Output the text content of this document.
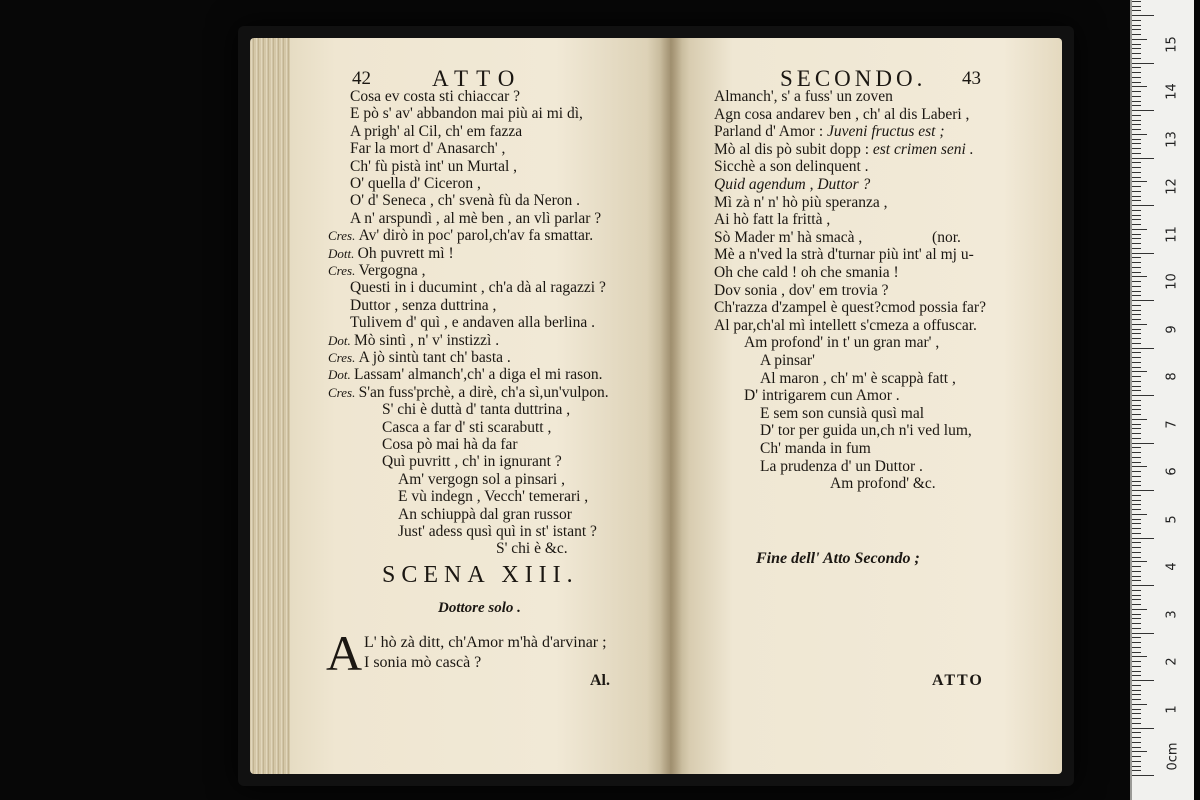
42	ATTO
Cosa ev costa sti chiaccar ?
E pò s' av' abbandon mai più ai mi dì,
A prigh' al Cil, ch' em fazza
Far la mort d' Anasarch' ,
Ch' fù pistà int' un Murtal ,
O' quella d' Ciceron ,
O' d' Seneca , ch' svenà fù da Neron .
A n' arspundì , al mè ben , an vlì parlar ?
Cres. Av' dirò in poc' parol,ch'av fa smattar.
Dott. Oh puvrett mì !
Cres. Vergogna ,
Questi in i ducumint , ch'a dà al ragazzi ?
Duttor , senza duttrina ,
Tulivem d' quì , e andaven alla berlina .
Dot. Mò sintì , n' v' instizzì .
Cres. A jò sintù tant ch' basta .
Dot. Lassam' almanch',ch' a diga el mi rason.
Cres. S'an fuss'prchè, a dirè, ch'a sì,un'vulpon.
S' chi è duttà d' tanta duttrina ,
Casca a far d' sti scarabutt ,
Cosa pò mai hà da far
Quì puvritt , ch' in ignurant ?
Am' vergogn sol a pinsari ,
E vù indegn , Vecch' temerari ,
An schiuppà dal gran russor
Just' adess qusì quì in st' istant ?
S' chi è &c.
SCENA XIII.
Dottore solo .
A L' hò zà ditt, ch'Amor m'hà d'arvinar ;
I sonia mò cascà ?
Al.
SECONDO. 43
Almanch', s' a fuss' un zoven
Agn cosa andarev ben , ch' al dis Laberi ,
Parland d' Amor : Juveni fructus est ;
Mò al dis pò subit dopp : est crimen seni .
Sicchè a son delinquent .
Quid agendum , Duttor ?
Mì zà n' n' hò più speranza ,
Ai hò fatt la frittà ,
Sò Mader m' hà smacà ,                  (nor.
Mè a n'ved la strà d'turnar più int' al mj u-
Oh che cald ! oh che smania !
Dov sonia , dov' em trovia ?
Ch'razza d'zampel è quest?cmod possia far?
Al par,ch'al mì intellett s'cmeza a offuscar.
Am profond' in t' un gran mar' ,
A pinsar'
Al maron , ch' m' è scappà fatt ,
D' intrigarem cun Amor .
E sem son cunsià qusì mal
D' tor per guida un,ch n'i ved lum,
Ch' manda in fum
La prudenza d' un Duttor .
Am profond' &c.
Fine dell' Atto Secondo ;
ATTO
15
14
13
12
11
10
9
8
7
6
5
4
3
2
1
0cm
